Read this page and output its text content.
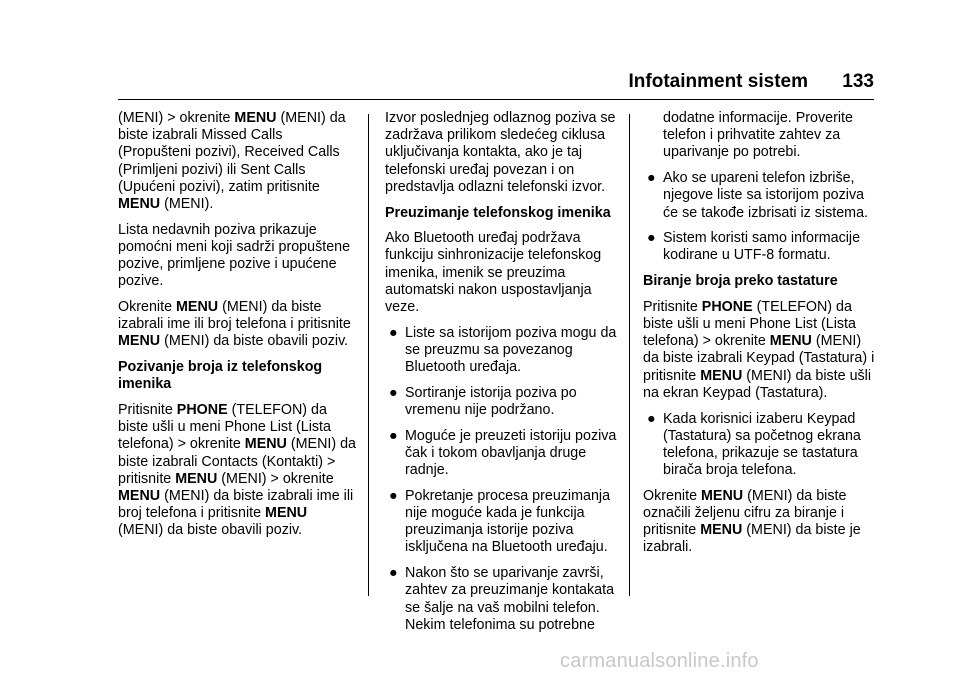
Infotainment sistem 133

(MENI) > okrenite MENU (MENI) da biste izabrali Missed Calls (Propušteni pozivi), Received Calls (Primljeni pozivi) ili Sent Calls (Upućeni pozivi), zatim pritisnite MENU (MENI).

Lista nedavnih poziva prikazuje pomoćni meni koji sadrži propuštene pozive, primljene pozive i upućene pozive.

Okrenite MENU (MENI) da biste izabrali ime ili broj telefona i pritisnite MENU (MENI) da biste obavili poziv.

Pozivanje broja iz telefonskog imenika

Pritisnite PHONE (TELEFON) da biste ušli u meni Phone List (Lista telefona) > okrenite MENU (MENI) da biste izabrali Contacts (Kontakti) > pritisnite MENU (MENI) > okrenite MENU (MENI) da biste izabrali ime ili broj telefona i pritisnite MENU (MENI) da biste obavili poziv.

Izvor poslednjeg odlaznog poziva se zadržava prilikom sledećeg ciklusa uključivanja kontakta, ako je taj telefonski uređaj povezan i on predstavlja odlazni telefonski izvor.

Preuzimanje telefonskog imenika

Ako Bluetooth uređaj podržava funkciju sinhronizacije telefonskog imenika, imenik se preuzima automatski nakon uspostavljanja veze.

● Liste sa istorijom poziva mogu da se preuzmu sa povezanog Bluetooth uređaja.
● Sortiranje istorija poziva po vremenu nije podržano.
● Moguće je preuzeti istoriju poziva čak i tokom obavljanja druge radnje.
● Pokretanje procesa preuzimanja nije moguće kada je funkcija preuzimanja istorije poziva isključena na Bluetooth uređaju.
● Nakon što se uparivanje završi, zahtev za preuzimanje kontakata se šalje na vaš mobilni telefon. Nekim telefonima su potrebne
dodatne informacije. Proverite telefon i prihvatite zahtev za uparivanje po potrebi.
● Ako se upareni telefon izbriše, njegove liste sa istorijom poziva će se takođe izbrisati iz sistema.
● Sistem koristi samo informacije kodirane u UTF-8 formatu.

Biranje broja preko tastature

Pritisnite PHONE (TELEFON) da biste ušli u meni Phone List (Lista telefona) > okrenite MENU (MENI) da biste izabrali Keypad (Tastatura) i pritisnite MENU (MENI) da biste ušli na ekran Keypad (Tastatura).

● Kada korisnici izaberu Keypad (Tastatura) sa početnog ekrana telefona, prikazuje se tastatura birača broja telefona.

Okrenite MENU (MENI) da biste označili željenu cifru za biranje i pritisnite MENU (MENI) da biste je izabrali.

carmanualsonline.info
